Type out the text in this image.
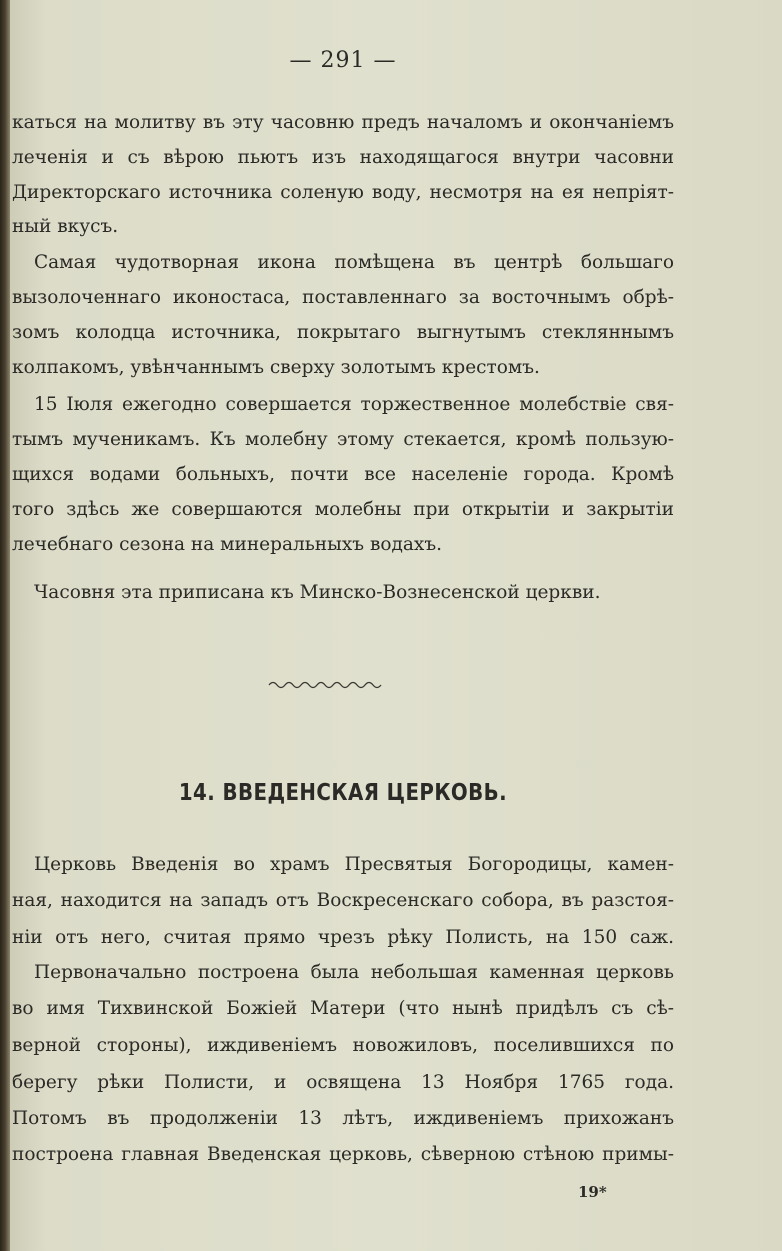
— 291 —

каться на молитву въ эту часовню предъ началомъ и окончаніемъ

леченія и съ вѣрою пьютъ изъ находящагося внутри часовни

Директорскаго источника соленую воду, несмотря на ея непріят-

ный вкусъ.

Самая чудотворная икона помѣщена въ центрѣ большагo

вызолоченнаго иконостаса, поставленнаго за восточнымъ обрѣ-

зомъ колодца источника, покрытаго выгнутымъ стекляннымъ

колпакомъ, увѣнчаннымъ сверху золотымъ крестомъ.

15 Іюля ежегодно совершается торжественное молебствіе свя-

тымъ мученикамъ. Къ молебну этому стекается, кромѣ пользую-

щихся водами больныхъ, почти все населеніе города. Кромѣ

того здѣсь же совершаются молебны при открытіи и закрытіи

лечебнаго сезона на минеральныхъ водахъ.

Часовня эта приписана къ Минско-Вознесенской церкви.

14. ВВЕДЕНСКАЯ ЦЕРКОВЬ.

Церковь Введенія во храмъ Пресвятыя Богородицы, камен-

ная, находится на западъ отъ Воскресенскаго собора, въ разстоя-

ніи отъ него, считая прямо чрезъ рѣку Полисть, на 150 саж.

Первоначально построена была небольшая каменная церковь

во имя Тихвинской Божіей Матери (что нынѣ придѣлъ съ сѣ-

верной стороны), иждивеніемъ новожиловъ, поселившихся по

берегу рѣки Полисти, и освящена 13 Ноября 1765 года.

Потомъ въ продолженіи 13 лѣтъ, иждивеніемъ прихожанъ

построена главная Введенская церковь, сѣверною стѣною примы-

19*
